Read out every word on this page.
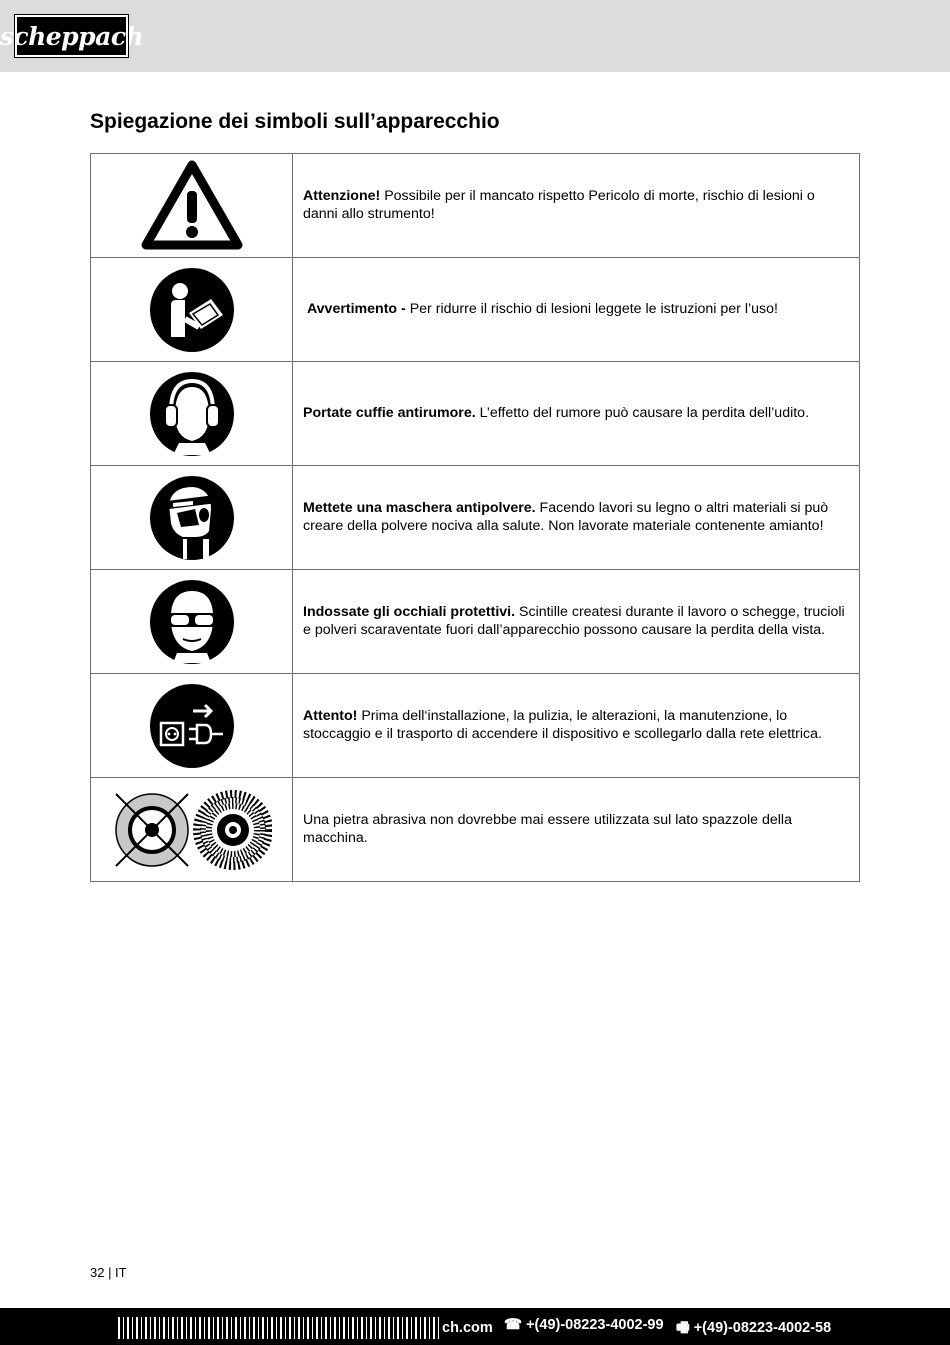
scheppach
Spiegazione dei simboli sull’apparecchio
	Attenzione! Possibile per il mancato rispetto Pericolo di morte, rischio di lesioni o danni allo strumento!
	Avvertimento - Per ridurre il rischio di lesioni leggete le istruzioni per l’uso!
	Portate cuffie antirumore. L’effetto del rumore può causare la perdita dell’udito.
	Mettete una maschera antipolvere. Facendo lavori su legno o altri materiali si può creare della polvere nociva alla salute. Non lavorate materiale contenente amianto!
	Indossate gli occhiali protettivi. Scintille createsi durante il lavoro o schegge, trucioli e polveri scaraventate fuori dall’apparecchio possono causare la perdita della vista.
	Attento! Prima dell‘installazione, la pulizia, le alterazioni, la manutenzione, lo stoccaggio e il trasporto di accendere il dispositivo e scollegarlo dalla rete elettrica.
	Una pietra abrasiva non dovrebbe mai essere utilizzata sul lato spazzole della macchina.
32 | IT
ch.com ☎ +(49)-08223-4002-99 🖷 +(49)-08223-4002-58
